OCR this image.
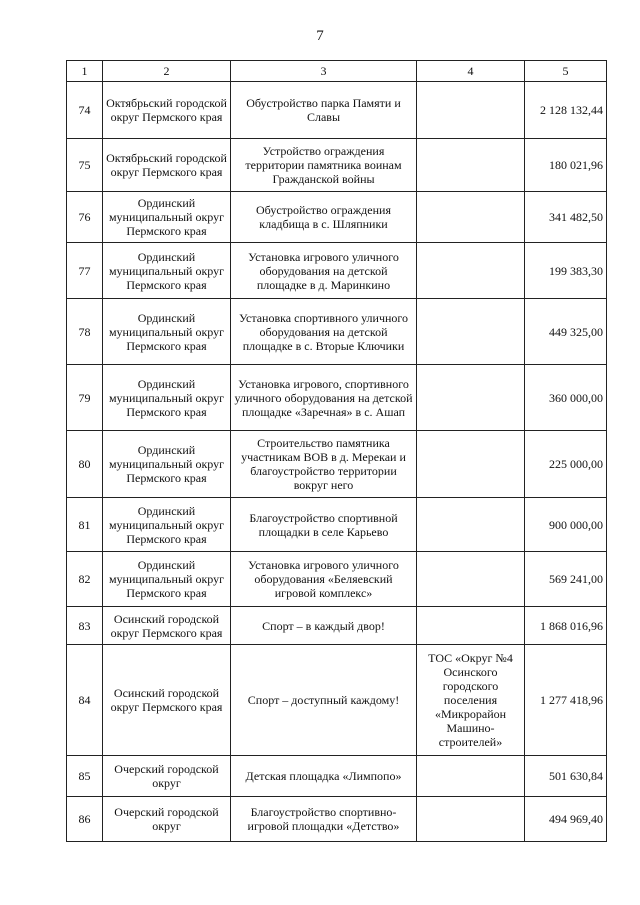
7
1	2	3	4	5
74	Октябрьский городской округ Пермского края	Обустройство парка Памяти и Славы		2 128 132,44
75	Октябрьский городской округ Пермского края	Устройство ограждения территории памятника воинам Гражданской войны		180 021,96
76	Ординский муниципальный округ Пермского края	Обустройство ограждения кладбища в с. Шляпники		341 482,50
77	Ординский муниципальный округ Пермского края	Установка игрового уличного оборудования на детской площадке в д. Маринкино		199 383,30
78	Ординский муниципальный округ Пермского края	Установка спортивного уличного оборудования на детской площадке в с. Вторые Ключики		449 325,00
79	Ординский муниципальный округ Пермского края	Установка игрового, спортивного уличного оборудования на детской площадке «Заречная» в с. Ашап		360 000,00
80	Ординский муниципальный округ Пермского края	Строительство памятника участникам ВОВ в д. Мерекаи и благоустройство территории вокруг него		225 000,00
81	Ординский муниципальный округ Пермского края	Благоустройство спортивной площадки в селе Карьево		900 000,00
82	Ординский муниципальный округ Пермского края	Установка игрового уличного оборудования «Беляевский игровой комплекс»		569 241,00
83	Осинский городской округ Пермского края	Спорт – в каждый двор!		1 868 016,96
84	Осинский городской округ Пермского края	Спорт – доступный каждому!	ТОС «Округ №4 Осинского городского поселения «Микрорайон Машино-строителей»	1 277 418,96
85	Очерский городской округ	Детская площадка «Лимпопо»		501 630,84
86	Очерский городской округ	Благоустройство спортивно-игровой площадки «Детство»		494 969,40
